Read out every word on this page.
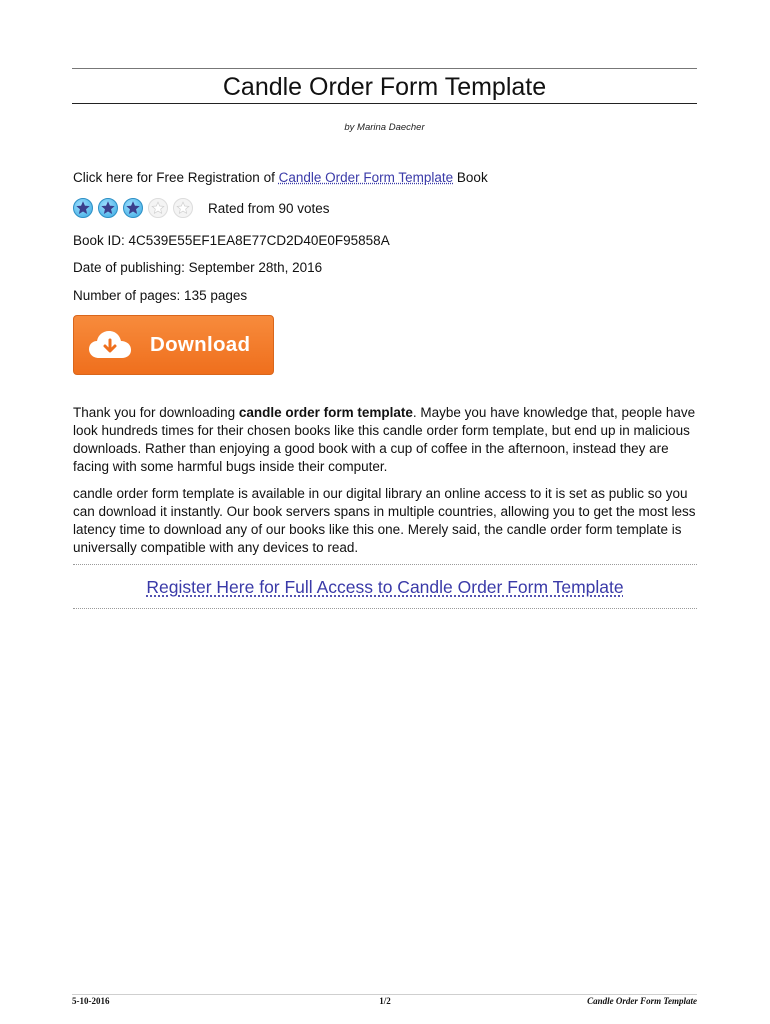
Candle Order Form Template
by Marina Daecher
Click here for Free Registration of Candle Order Form Template Book
Rated from 90 votes
Book ID: 4C539E55EF1EA8E77CD2D40E0F95858A
Date of publishing: September 28th, 2016
Number of pages: 135 pages
Download

Thank you for downloading candle order form template. Maybe you have knowledge that, people have look hundreds times for their chosen books like this candle order form template, but end up in malicious downloads. Rather than enjoying a good book with a cup of coffee in the afternoon, instead they are facing with some harmful bugs inside their computer.

candle order form template is available in our digital library an online access to it is set as public so you can download it instantly. Our book servers spans in multiple countries, allowing you to get the most less latency time to download any of our books like this one. Merely said, the candle order form template is universally compatible with any devices to read.

Register Here for Full Access to Candle Order Form Template
5-10-2016	1/2	Candle Order Form Template
